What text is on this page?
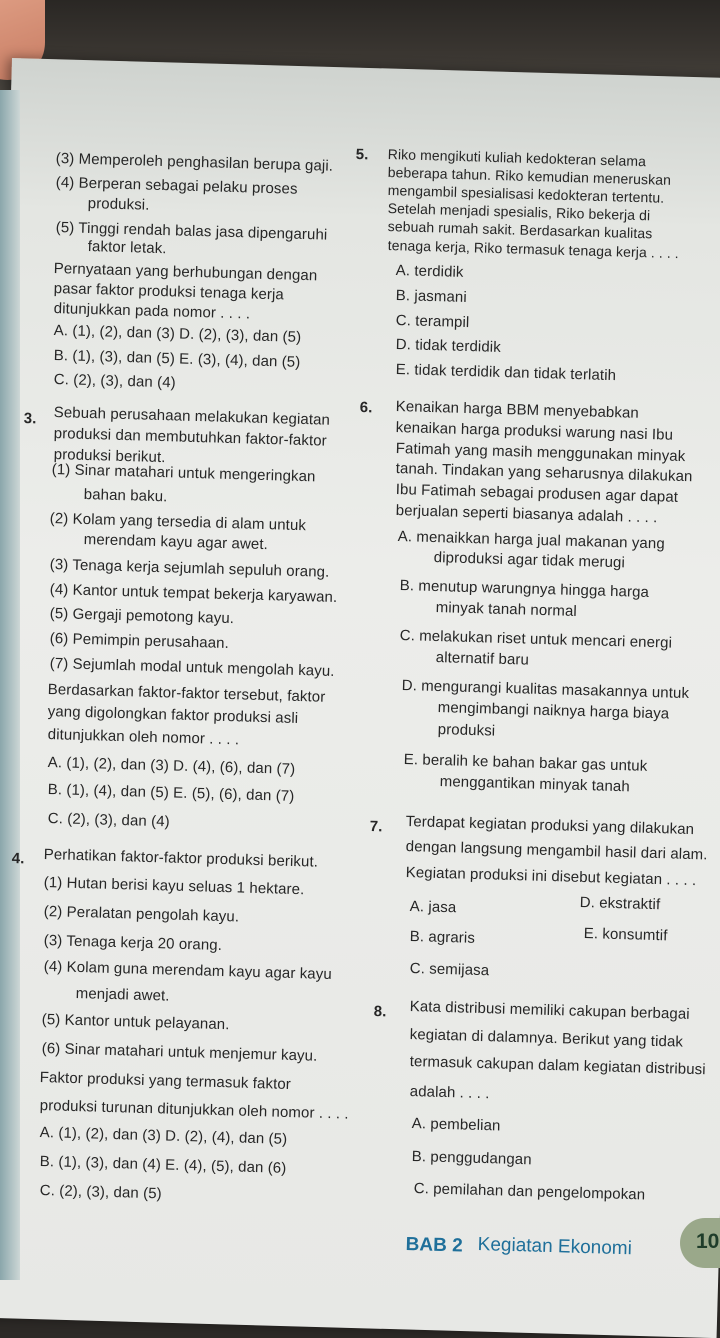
(3) Memperoleh penghasilan berupa gaji.
(4) Berperan sebagai pelaku proses
produksi.
(5) Tinggi rendah balas jasa dipengaruhi
faktor letak.
Pernyataan yang berhubungan dengan
pasar faktor produksi tenaga kerja
ditunjukkan pada nomor . . . .
A. (1), (2), dan (3) D. (2), (3), dan (5)
B. (1), (3), dan (5) E. (3), (4), dan (5)
C. (2), (3), dan (4)
3. Sebuah perusahaan melakukan kegiatan
produksi dan membutuhkan faktor-faktor
produksi berikut.
(1) Sinar matahari untuk mengeringkan
bahan baku.
(2) Kolam yang tersedia di alam untuk
merendam kayu agar awet.
(3) Tenaga kerja sejumlah sepuluh orang.
(4) Kantor untuk tempat bekerja karyawan.
(5) Gergaji pemotong kayu.
(6) Pemimpin perusahaan.
(7) Sejumlah modal untuk mengolah kayu.
Berdasarkan faktor-faktor tersebut, faktor
yang digolongkan faktor produksi asli
ditunjukkan oleh nomor . . . .
A. (1), (2), dan (3) D. (4), (6), dan (7)
B. (1), (4), dan (5) E. (5), (6), dan (7)
C. (2), (3), dan (4)
4. Perhatikan faktor-faktor produksi berikut.
(1) Hutan berisi kayu seluas 1 hektare.
(2) Peralatan pengolah kayu.
(3) Tenaga kerja 20 orang.
(4) Kolam guna merendam kayu agar kayu
menjadi awet.
(5) Kantor untuk pelayanan.
(6) Sinar matahari untuk menjemur kayu.
Faktor produksi yang termasuk faktor
produksi turunan ditunjukkan oleh nomor . . . .
A. (1), (2), dan (3) D. (2), (4), dan (5)
B. (1), (3), dan (4) E. (4), (5), dan (6)
C. (2), (3), dan (5)
5. Riko mengikuti kuliah kedokteran selama
beberapa tahun. Riko kemudian meneruskan
mengambil spesialisasi kedokteran tertentu.
Setelah menjadi spesialis, Riko bekerja di
sebuah rumah sakit. Berdasarkan kualitas
tenaga kerja, Riko termasuk tenaga kerja . . . .
A. terdidik
B. jasmani
C. terampil
D. tidak terdidik
E. tidak terdidik dan tidak terlatih
6. Kenaikan harga BBM menyebabkan
kenaikan harga produksi warung nasi Ibu
Fatimah yang masih menggunakan minyak
tanah. Tindakan yang seharusnya dilakukan
Ibu Fatimah sebagai produsen agar dapat
berjualan seperti biasanya adalah . . . .
A. menaikkan harga jual makanan yang
diproduksi agar tidak merugi
B. menutup warungnya hingga harga
minyak tanah normal
C. melakukan riset untuk mencari energi
alternatif baru
D. mengurangi kualitas masakannya untuk
mengimbangi naiknya harga biaya
produksi
E. beralih ke bahan bakar gas untuk
menggantikan minyak tanah
7. Terdapat kegiatan produksi yang dilakukan
dengan langsung mengambil hasil dari alam.
Kegiatan produksi ini disebut kegiatan . . . .
A. jasa	D. ekstraktif
B. agraris	E. konsumtif
C. semijasa
8. Kata distribusi memiliki cakupan berbagai
kegiatan di dalamnya. Berikut yang tidak
termasuk cakupan dalam kegiatan distribusi
adalah . . . .
A. pembelian
B. penggudangan
C. pemilahan dan pengelompokan
BAB 2 Kegiatan Ekonomi	10
